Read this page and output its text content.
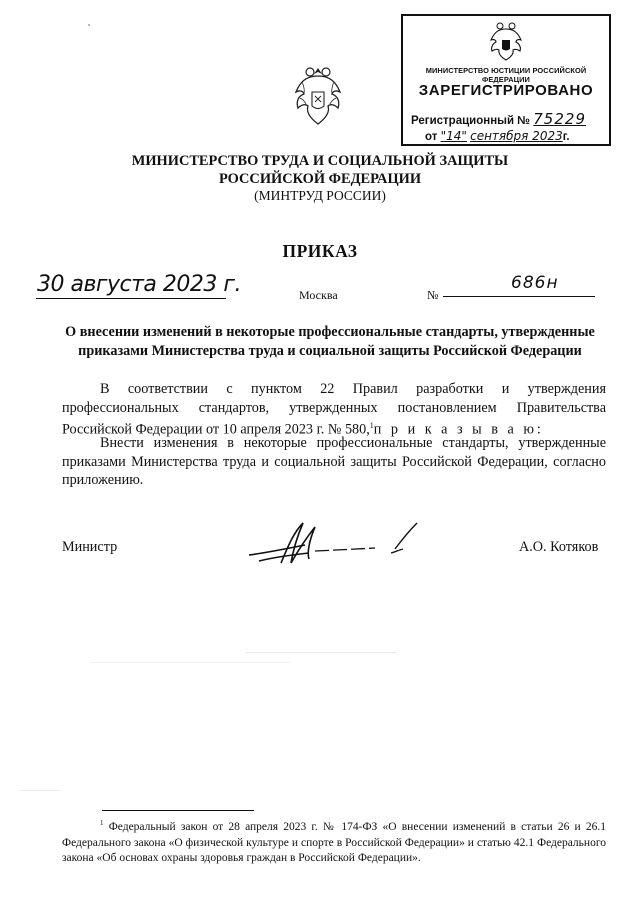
МИНИСТЕРСТВО ЮСТИЦИИ РОССИЙСКОЙ ФЕДЕРАЦИИ
ЗАРЕГИСТРИРОВАНО
Регистрационный № 75229
от "14" сентября 2023г.
МИНИСТЕРСТВО ТРУДА И СОЦИАЛЬНОЙ ЗАЩИТЫ
РОССИЙСКОЙ ФЕДЕРАЦИИ
(МИНТРУД РОССИИ)
ПРИКАЗ
30 августа 2023 г.	Москва	№
686н
О внесении изменений в некоторые профессиональные стандарты, утвержденные приказами Министерства труда и социальной защиты Российской Федерации
В соответствии с пунктом 22 Правил разработки и утверждения профессиональных стандартов, утвержденных постановлением Правительства Российской Федерации от 10 апреля 2023 г. № 580,$^1$п р и к а з ы в а ю:
Внести изменения в некоторые профессиональные стандарты, утвержденные приказами Министерства труда и социальной защиты Российской Федерации, согласно приложению.
Министр	А.О. Котяков
$^1$ Федеральный закон от 28 апреля 2023 г. № 174-ФЗ «О внесении изменений в статьи 26 и 26.1 Федерального закона «О физической культуре и спорте в Российской Федерации» и статью 42.1 Федерального закона «Об основах охраны здоровья граждан в Российской Федерации».
